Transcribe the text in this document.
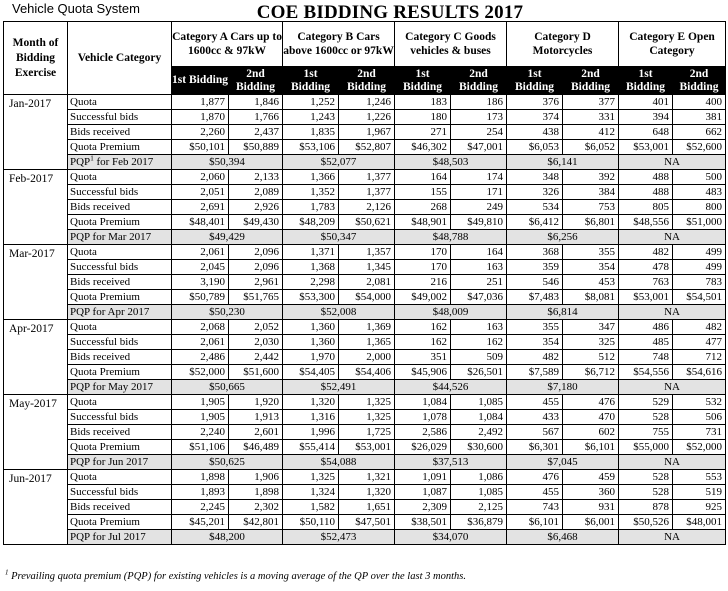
Vehicle Quota System	COE BIDDING RESULTS 2017
Month of Bidding Exercise	Vehicle Category	Category A Cars up to 1600cc & 97kW		Category B Cars above 1600cc or 97kW		Category C Goods vehicles & buses		Category D Motorcycles		Category E Open Category	
		1st Bidding	2nd Bidding	1st Bidding	2nd Bidding	1st Bidding	2nd Bidding	1st Bidding	2nd Bidding	1st Bidding	2nd Bidding
Jan-2017	Quota	1,877	1,846	1,252	1,246	183	186	376	377	401	400
	Successful bids	1,870	1,766	1,243	1,226	180	173	374	331	394	381
	Bids received	2,260	2,437	1,835	1,967	271	254	438	412	648	662
	Quota Premium	$50,101	$50,889	$53,106	$52,807	$46,302	$47,001	$6,053	$6,052	$53,001	$52,600
	PQP$^1$ for Feb 2017	$50,394		$52,077		$48,503		$6,141		NA	
Feb-2017	Quota	2,060	2,133	1,366	1,377	164	174	348	392	488	500
	Successful bids	2,051	2,089	1,352	1,377	155	171	326	384	488	483
	Bids received	2,691	2,926	1,783	2,126	268	249	534	753	805	800
	Quota Premium	$48,401	$49,430	$48,209	$50,621	$48,901	$49,810	$6,412	$6,801	$48,556	$51,000
	PQP for Mar 2017	$49,429		$50,347		$48,788		$6,256		NA	
Mar-2017	Quota	2,061	2,096	1,371	1,357	170	164	368	355	482	499
	Successful bids	2,045	2,096	1,368	1,345	170	163	359	354	478	499
	Bids received	3,190	2,961	2,298	2,081	216	251	546	453	763	783
	Quota Premium	$50,789	$51,765	$53,300	$54,000	$49,002	$47,036	$7,483	$8,081	$53,001	$54,501
	PQP for Apr 2017	$50,230		$52,008		$48,009		$6,814		NA	
Apr-2017	Quota	2,068	2,052	1,360	1,369	162	163	355	347	486	482
	Successful bids	2,061	2,030	1,360	1,365	162	162	354	325	485	477
	Bids received	2,486	2,442	1,970	2,000	351	509	482	512	748	712
	Quota Premium	$52,000	$51,600	$54,405	$54,406	$45,906	$26,501	$7,589	$6,712	$54,556	$54,616
	PQP for May 2017	$50,665		$52,491		$44,526		$7,180		NA	
May-2017	Quota	1,905	1,920	1,320	1,325	1,084	1,085	455	476	529	532
	Successful bids	1,905	1,913	1,316	1,325	1,078	1,084	433	470	528	506
	Bids received	2,240	2,601	1,996	1,725	2,586	2,492	567	602	755	731
	Quota Premium	$51,106	$46,489	$55,414	$53,001	$26,029	$30,600	$6,301	$6,101	$55,000	$52,000
	PQP for Jun 2017	$50,625		$54,088		$37,513		$7,045		NA	
Jun-2017	Quota	1,898	1,906	1,325	1,321	1,091	1,086	476	459	528	553
	Successful bids	1,893	1,898	1,324	1,320	1,087	1,085	455	360	528	519
	Bids received	2,245	2,302	1,582	1,651	2,309	2,125	743	931	878	925
	Quota Premium	$45,201	$42,801	$50,110	$47,501	$38,501	$36,879	$6,101	$6,001	$50,526	$48,001
	PQP for Jul 2017	$48,200		$52,473		$34,070		$6,468		NA	
$^1$ Prevailing quota premium (PQP) for existing vehicles is a moving average of the QP over the last 3 months.
